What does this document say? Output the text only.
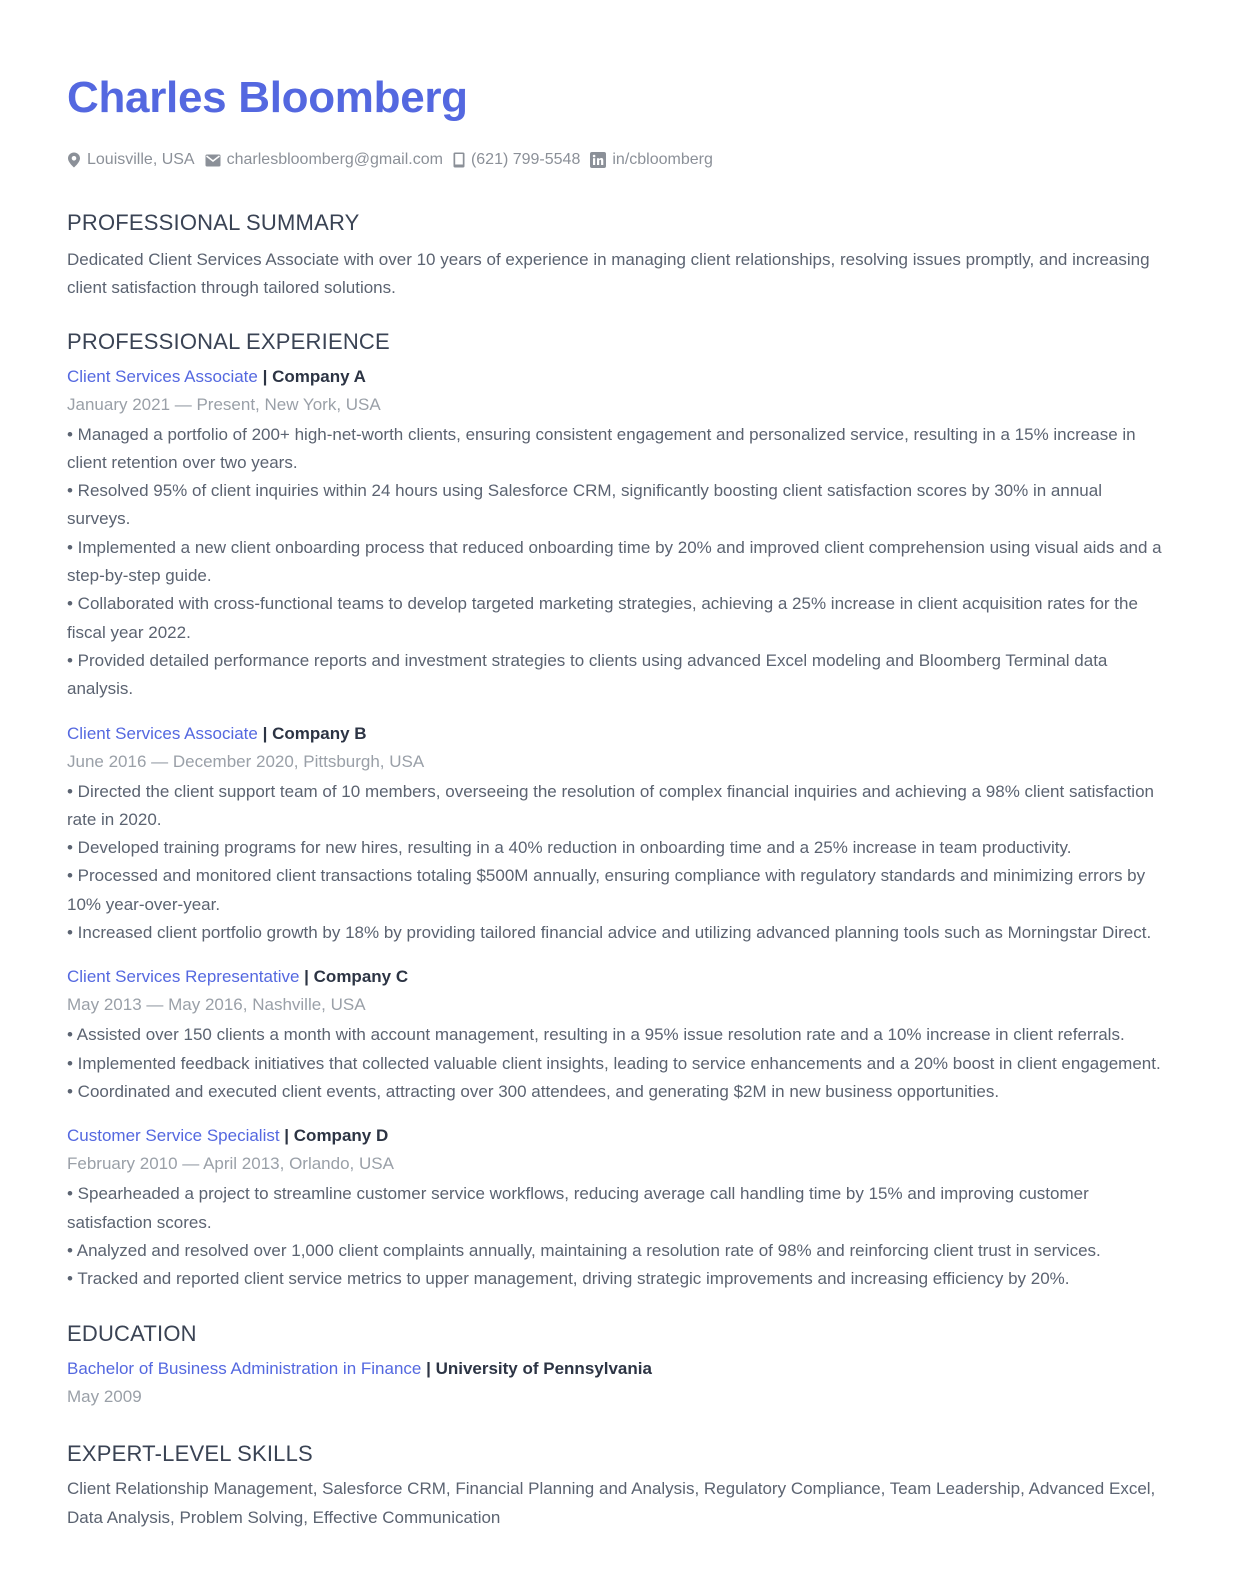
Charles Bloomberg
Louisville, USA charlesbloomberg@gmail.com (621) 799-5548 in/cbloomberg
PROFESSIONAL SUMMARY
Dedicated Client Services Associate with over 10 years of experience in managing client relationships, resolving issues promptly, and increasing client satisfaction through tailored solutions.
PROFESSIONAL EXPERIENCE
Client Services Associate | Company A
January 2021 — Present, New York, USA
• Managed a portfolio of 200+ high-net-worth clients, ensuring consistent engagement and personalized service, resulting in a 15% increase in client retention over two years.
• Resolved 95% of client inquiries within 24 hours using Salesforce CRM, significantly boosting client satisfaction scores by 30% in annual surveys.
• Implemented a new client onboarding process that reduced onboarding time by 20% and improved client comprehension using visual aids and a step-by-step guide.
• Collaborated with cross-functional teams to develop targeted marketing strategies, achieving a 25% increase in client acquisition rates for the fiscal year 2022.
• Provided detailed performance reports and investment strategies to clients using advanced Excel modeling and Bloomberg Terminal data analysis.
Client Services Associate | Company B
June 2016 — December 2020, Pittsburgh, USA
• Directed the client support team of 10 members, overseeing the resolution of complex financial inquiries and achieving a 98% client satisfaction rate in 2020.
• Developed training programs for new hires, resulting in a 40% reduction in onboarding time and a 25% increase in team productivity.
• Processed and monitored client transactions totaling $500M annually, ensuring compliance with regulatory standards and minimizing errors by 10% year-over-year.
• Increased client portfolio growth by 18% by providing tailored financial advice and utilizing advanced planning tools such as Morningstar Direct.
Client Services Representative | Company C
May 2013 — May 2016, Nashville, USA
• Assisted over 150 clients a month with account management, resulting in a 95% issue resolution rate and a 10% increase in client referrals.
• Implemented feedback initiatives that collected valuable client insights, leading to service enhancements and a 20% boost in client engagement.
• Coordinated and executed client events, attracting over 300 attendees, and generating $2M in new business opportunities.
Customer Service Specialist | Company D
February 2010 — April 2013, Orlando, USA
• Spearheaded a project to streamline customer service workflows, reducing average call handling time by 15% and improving customer satisfaction scores.
• Analyzed and resolved over 1,000 client complaints annually, maintaining a resolution rate of 98% and reinforcing client trust in services.
• Tracked and reported client service metrics to upper management, driving strategic improvements and increasing efficiency by 20%.
EDUCATION
Bachelor of Business Administration in Finance | University of Pennsylvania
May 2009
EXPERT-LEVEL SKILLS
Client Relationship Management, Salesforce CRM, Financial Planning and Analysis, Regulatory Compliance, Team Leadership, Advanced Excel, Data Analysis, Problem Solving, Effective Communication
